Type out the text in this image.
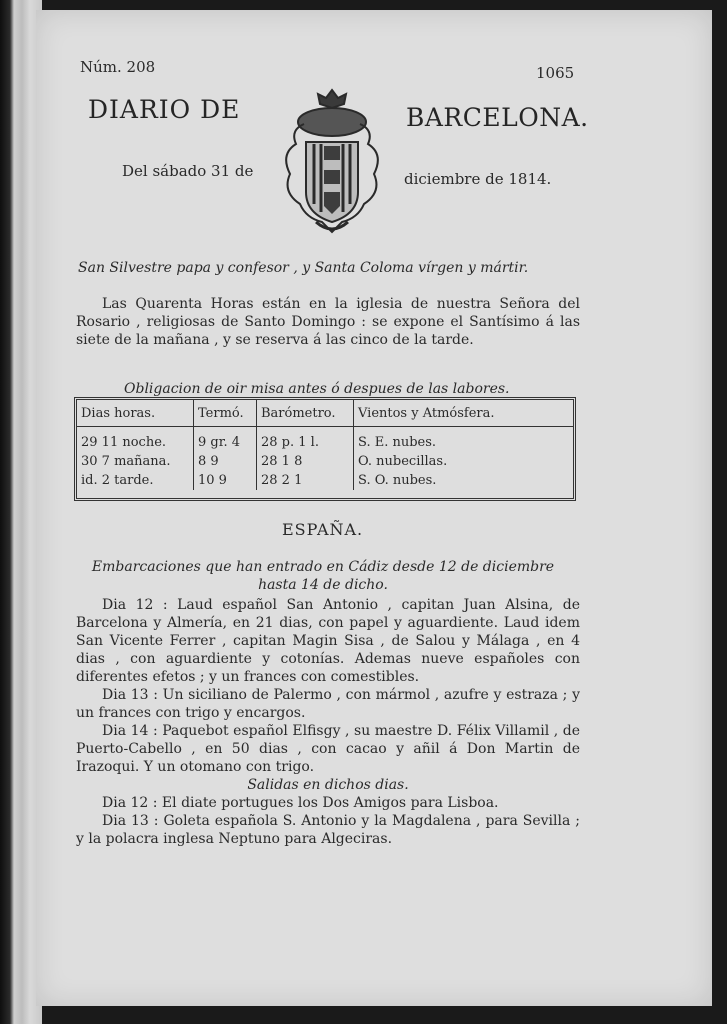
Núm. 208	1065
DIARIO DE	BARCELONA.
Del sábado 31 de	diciembre de 1814.
San Silvestre papa y confesor , y Santa Coloma vírgen y mártir.

Las Quarenta Horas están en la iglesia de nuestra Señora del Rosario , religiosas de Santo Domingo : se expone el Santísimo á las siete de la mañana , y se reserva á las cinco de la tarde.

Obligacion de oir misa antes ó despues de las labores.
Dias horas.	Termó.	Barómetro.	Vientos y Atmósfera.
29 11 noche.	9 gr. 4	28 p. 1 l.	S. E. nubes.
30 7 mañana.	8 9	28 1 8	O. nubecillas.
id. 2 tarde.	10 9	28 2 1	S. O. nubes.
ESPAÑA.
Embarcaciones que han entrado en Cádiz desde 12 de diciembre hasta 14 de dicho.

Dia 12 : Laud español San Antonio , capitan Juan Alsina, de Barcelona y Almería, en 21 dias, con papel y aguardiente. Laud idem San Vicente Ferrer , capitan Magin Sisa , de Salou y Málaga , en 4 dias , con aguardiente y cotonías. Ademas nueve españoles con diferentes efetos ; y un frances con comestibles.

Dia 13 : Un siciliano de Palermo , con mármol , azufre y estraza ; y un frances con trigo y encargos.

Dia 14 : Paquebot español Elfisgy , su maestre D. Félix Villamil , de Puerto-Cabello , en 50 dias , con cacao y añil á Don Martin de Irazoqui. Y un otomano con trigo.

Salidas en dichos dias.

Dia 12 : El diate portugues los Dos Amigos para Lisboa.

Dia 13 : Goleta española S. Antonio y la Magdalena , para Sevilla ; y la polacra inglesa Neptuno para Algeciras.
